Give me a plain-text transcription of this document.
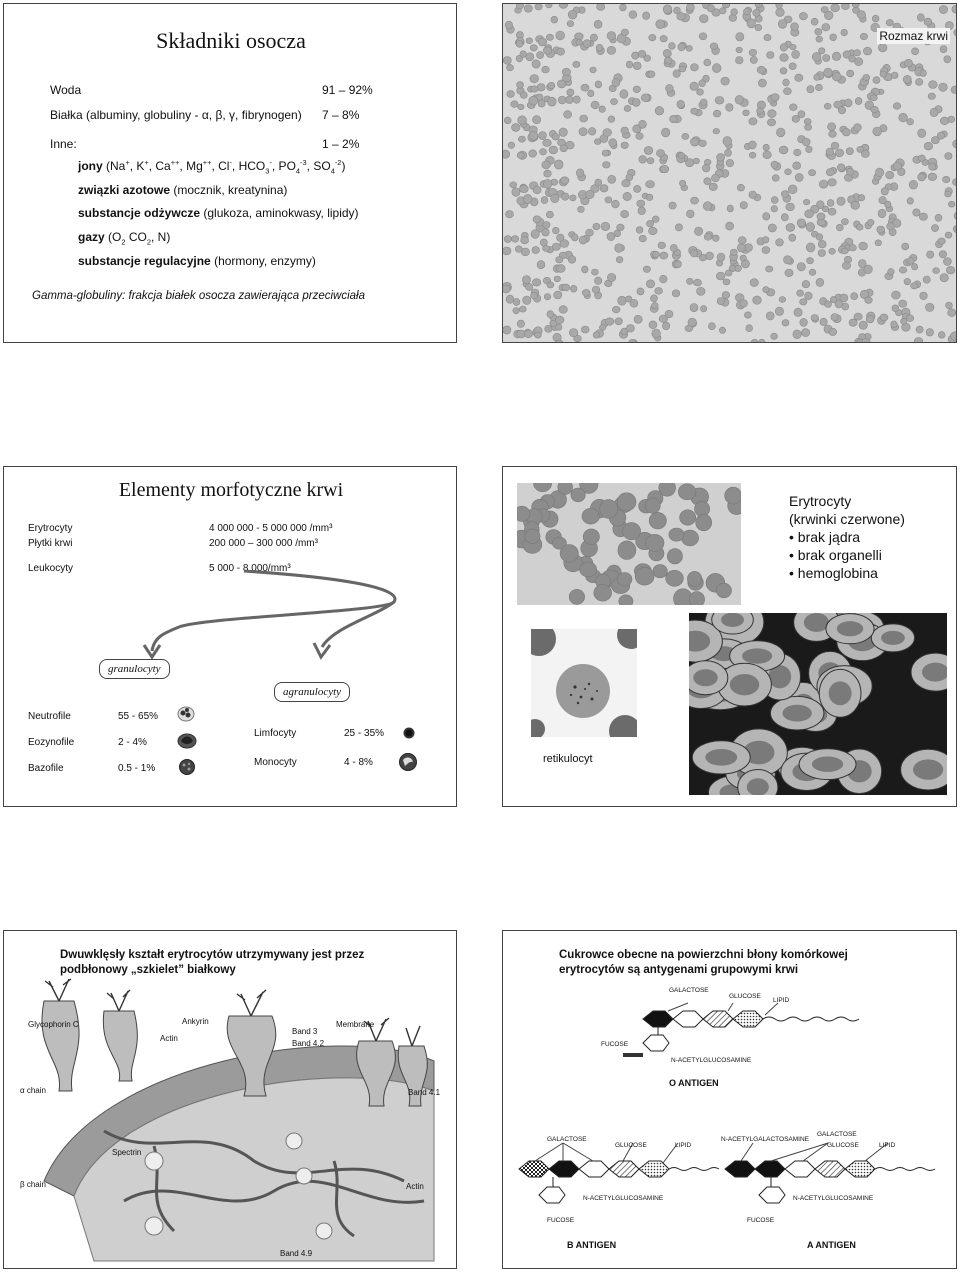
Składniki osocza
Woda	91 – 92%
Białka (albuminy, globuliny - α, β, γ, fibrynogen) 7 – 8%
Inne:	1 – 2%
jony (Na+, K+, Ca++, Mg++, Cl-, $HCO_3^-$, $PO_4^{-3}$, $SO_4^{-2}$)
związki azotowe (mocznik, kreatynina)
substancje odżywcze (glukoza, aminokwasy, lipidy)
gazy ($O_2$ $CO_2$, N)
substancje regulacyjne (hormony, enzymy)
Gamma-globuliny: frakcja białek osocza zawierająca przeciwciała
Rozmaz krwi
Elementy morfotyczne krwi
Erytrocyty	4 000 000 - 5 000 000 /mm³
Płytki krwi	200 000 – 300 000 /mm³
Leukocyty	5 000 - 8 000/mm³
granulocyty
agranulocyty
Neutrofile	55 - 65%
Eozynofile	2 - 4%
Bazofile	0.5 - 1%
Limfocyty	25 - 35%
Monocyty	4 - 8%
Erytrocyty
(krwinki czerwone)
• brak jądra
• brak organelli
• hemoglobina
retikulocyt
Dwuwklęsły kształt erytrocytów utrzymywany jest przez
podbłonowy „szkielet” białkowy
Glycophorin C	Ankyrin
Band 3
Band 4.2
Membrane
Actin
α chain	Band 4.1
Spectrin
β chain	Actin
Band 4.9
Cukrowce obecne na powierzchni błony komórkowej
erytrocytów są antygenami grupowymi krwi
GALACTOSE
GLUCOSE
LIPID
FUCOSE
N-ACETYLGLUCOSAMINE
O ANTIGEN
GALACTOSE
GLUCOSE	LIPID
N-ACETYLGLUCOSAMINE
FUCOSE
B ANTIGEN
N-ACETYLGALACTOSAMINE
GALACTOSE
GLUCOSE	LIPID
N-ACETYLGLUCOSAMINE
FUCOSE
A ANTIGEN
